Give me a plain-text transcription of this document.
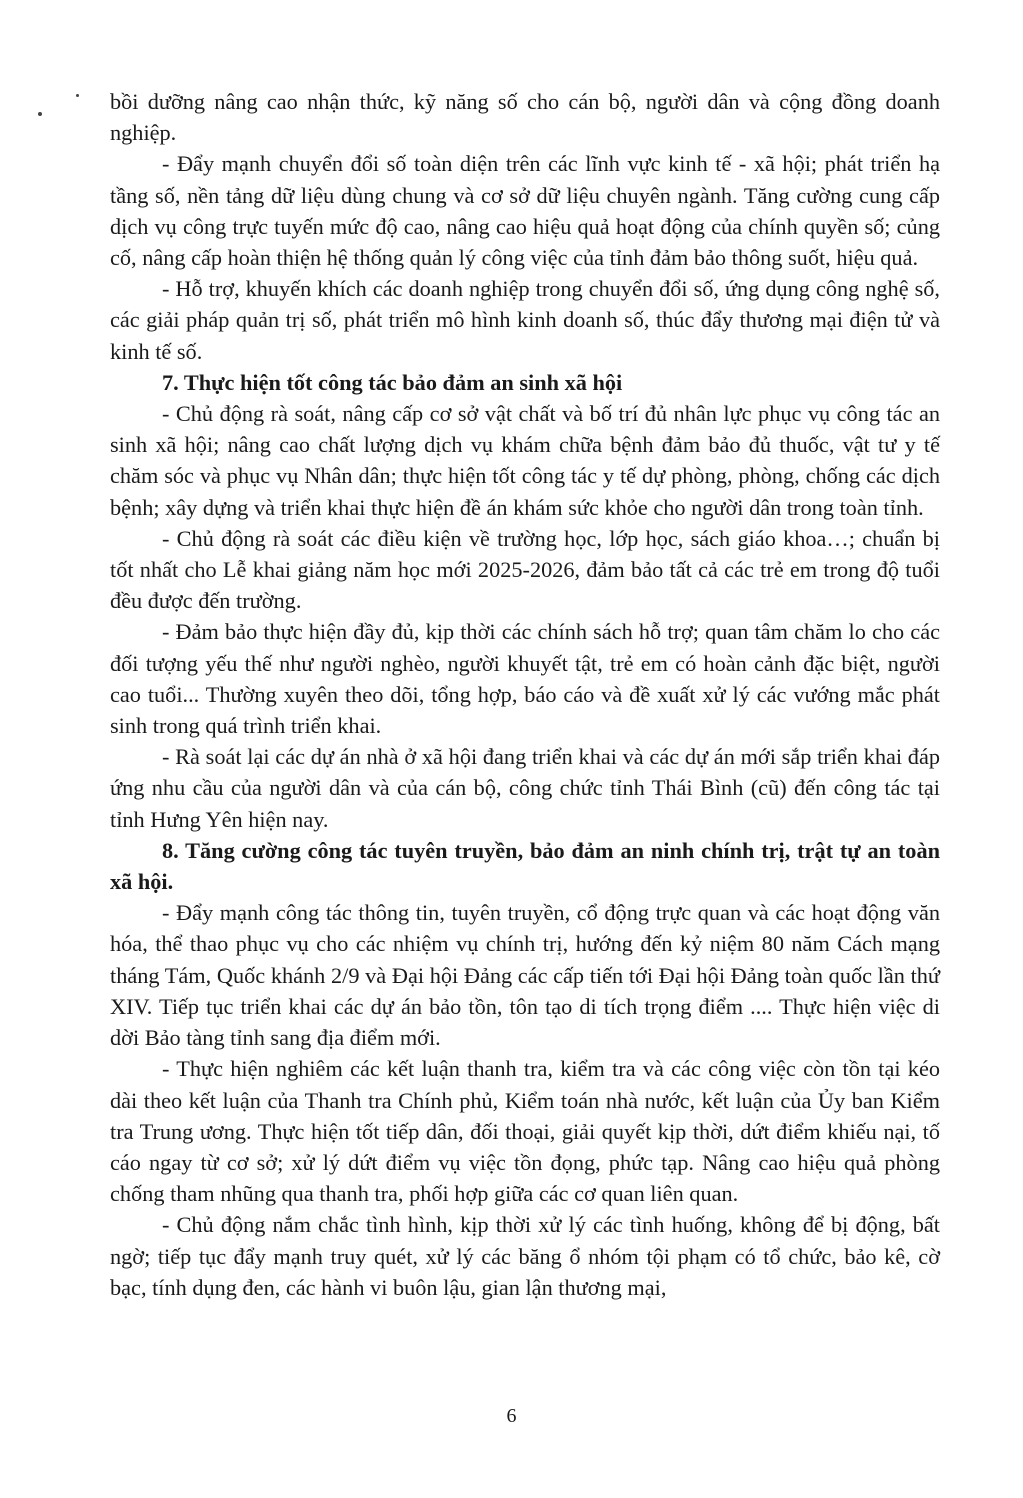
bồi dưỡng nâng cao nhận thức, kỹ năng số cho cán bộ, người dân và cộng đồng doanh nghiệp.

- Đẩy mạnh chuyển đổi số toàn diện trên các lĩnh vực kinh tế - xã hội; phát triển hạ tầng số, nền tảng dữ liệu dùng chung và cơ sở dữ liệu chuyên ngành. Tăng cường cung cấp dịch vụ công trực tuyến mức độ cao, nâng cao hiệu quả hoạt động của chính quyền số; củng cố, nâng cấp hoàn thiện hệ thống quản lý công việc của tỉnh đảm bảo thông suốt, hiệu quả.

- Hỗ trợ, khuyến khích các doanh nghiệp trong chuyển đổi số, ứng dụng công nghệ số, các giải pháp quản trị số, phát triển mô hình kinh doanh số, thúc đẩy thương mại điện tử và kinh tế số.

7. Thực hiện tốt công tác bảo đảm an sinh xã hội

- Chủ động rà soát, nâng cấp cơ sở vật chất và bố trí đủ nhân lực phục vụ công tác an sinh xã hội; nâng cao chất lượng dịch vụ khám chữa bệnh đảm bảo đủ thuốc, vật tư y tế chăm sóc và phục vụ Nhân dân; thực hiện tốt công tác y tế dự phòng, phòng, chống các dịch bệnh; xây dựng và triển khai thực hiện đề án khám sức khỏe cho người dân trong toàn tỉnh.

- Chủ động rà soát các điều kiện về trường học, lớp học, sách giáo khoa…; chuẩn bị tốt nhất cho Lễ khai giảng năm học mới 2025-2026, đảm bảo tất cả các trẻ em trong độ tuổi đều được đến trường.

- Đảm bảo thực hiện đầy đủ, kịp thời các chính sách hỗ trợ; quan tâm chăm lo cho các đối tượng yếu thế như người nghèo, người khuyết tật, trẻ em có hoàn cảnh đặc biệt, người cao tuổi... Thường xuyên theo dõi, tổng hợp, báo cáo và đề xuất xử lý các vướng mắc phát sinh trong quá trình triển khai.

- Rà soát lại các dự án nhà ở xã hội đang triển khai và các dự án mới sắp triển khai đáp ứng nhu cầu của người dân và của cán bộ, công chức tỉnh Thái Bình (cũ) đến công tác tại tỉnh Hưng Yên hiện nay.

8. Tăng cường công tác tuyên truyền, bảo đảm an ninh chính trị, trật tự an toàn xã hội.

- Đẩy mạnh công tác thông tin, tuyên truyền, cổ động trực quan và các hoạt động văn hóa, thể thao phục vụ cho các nhiệm vụ chính trị, hướng đến kỷ niệm 80 năm Cách mạng tháng Tám, Quốc khánh 2/9 và Đại hội Đảng các cấp tiến tới Đại hội Đảng toàn quốc lần thứ XIV. Tiếp tục triển khai các dự án bảo tồn, tôn tạo di tích trọng điểm .... Thực hiện việc di dời Bảo tàng tỉnh sang địa điểm mới.

- Thực hiện nghiêm các kết luận thanh tra, kiểm tra và các công việc còn tồn tại kéo dài theo kết luận của Thanh tra Chính phủ, Kiểm toán nhà nước, kết luận của Ủy ban Kiểm tra Trung ương. Thực hiện tốt tiếp dân, đối thoại, giải quyết kịp thời, dứt điểm khiếu nại, tố cáo ngay từ cơ sở; xử lý dứt điểm vụ việc tồn đọng, phức tạp. Nâng cao hiệu quả phòng chống tham nhũng qua thanh tra, phối hợp giữa các cơ quan liên quan.

- Chủ động nắm chắc tình hình, kịp thời xử lý các tình huống, không để bị động, bất ngờ; tiếp tục đẩy mạnh truy quét, xử lý các băng ổ nhóm tội phạm có tổ chức, bảo kê, cờ bạc, tính dụng đen, các hành vi buôn lậu, gian lận thương mại,

6
